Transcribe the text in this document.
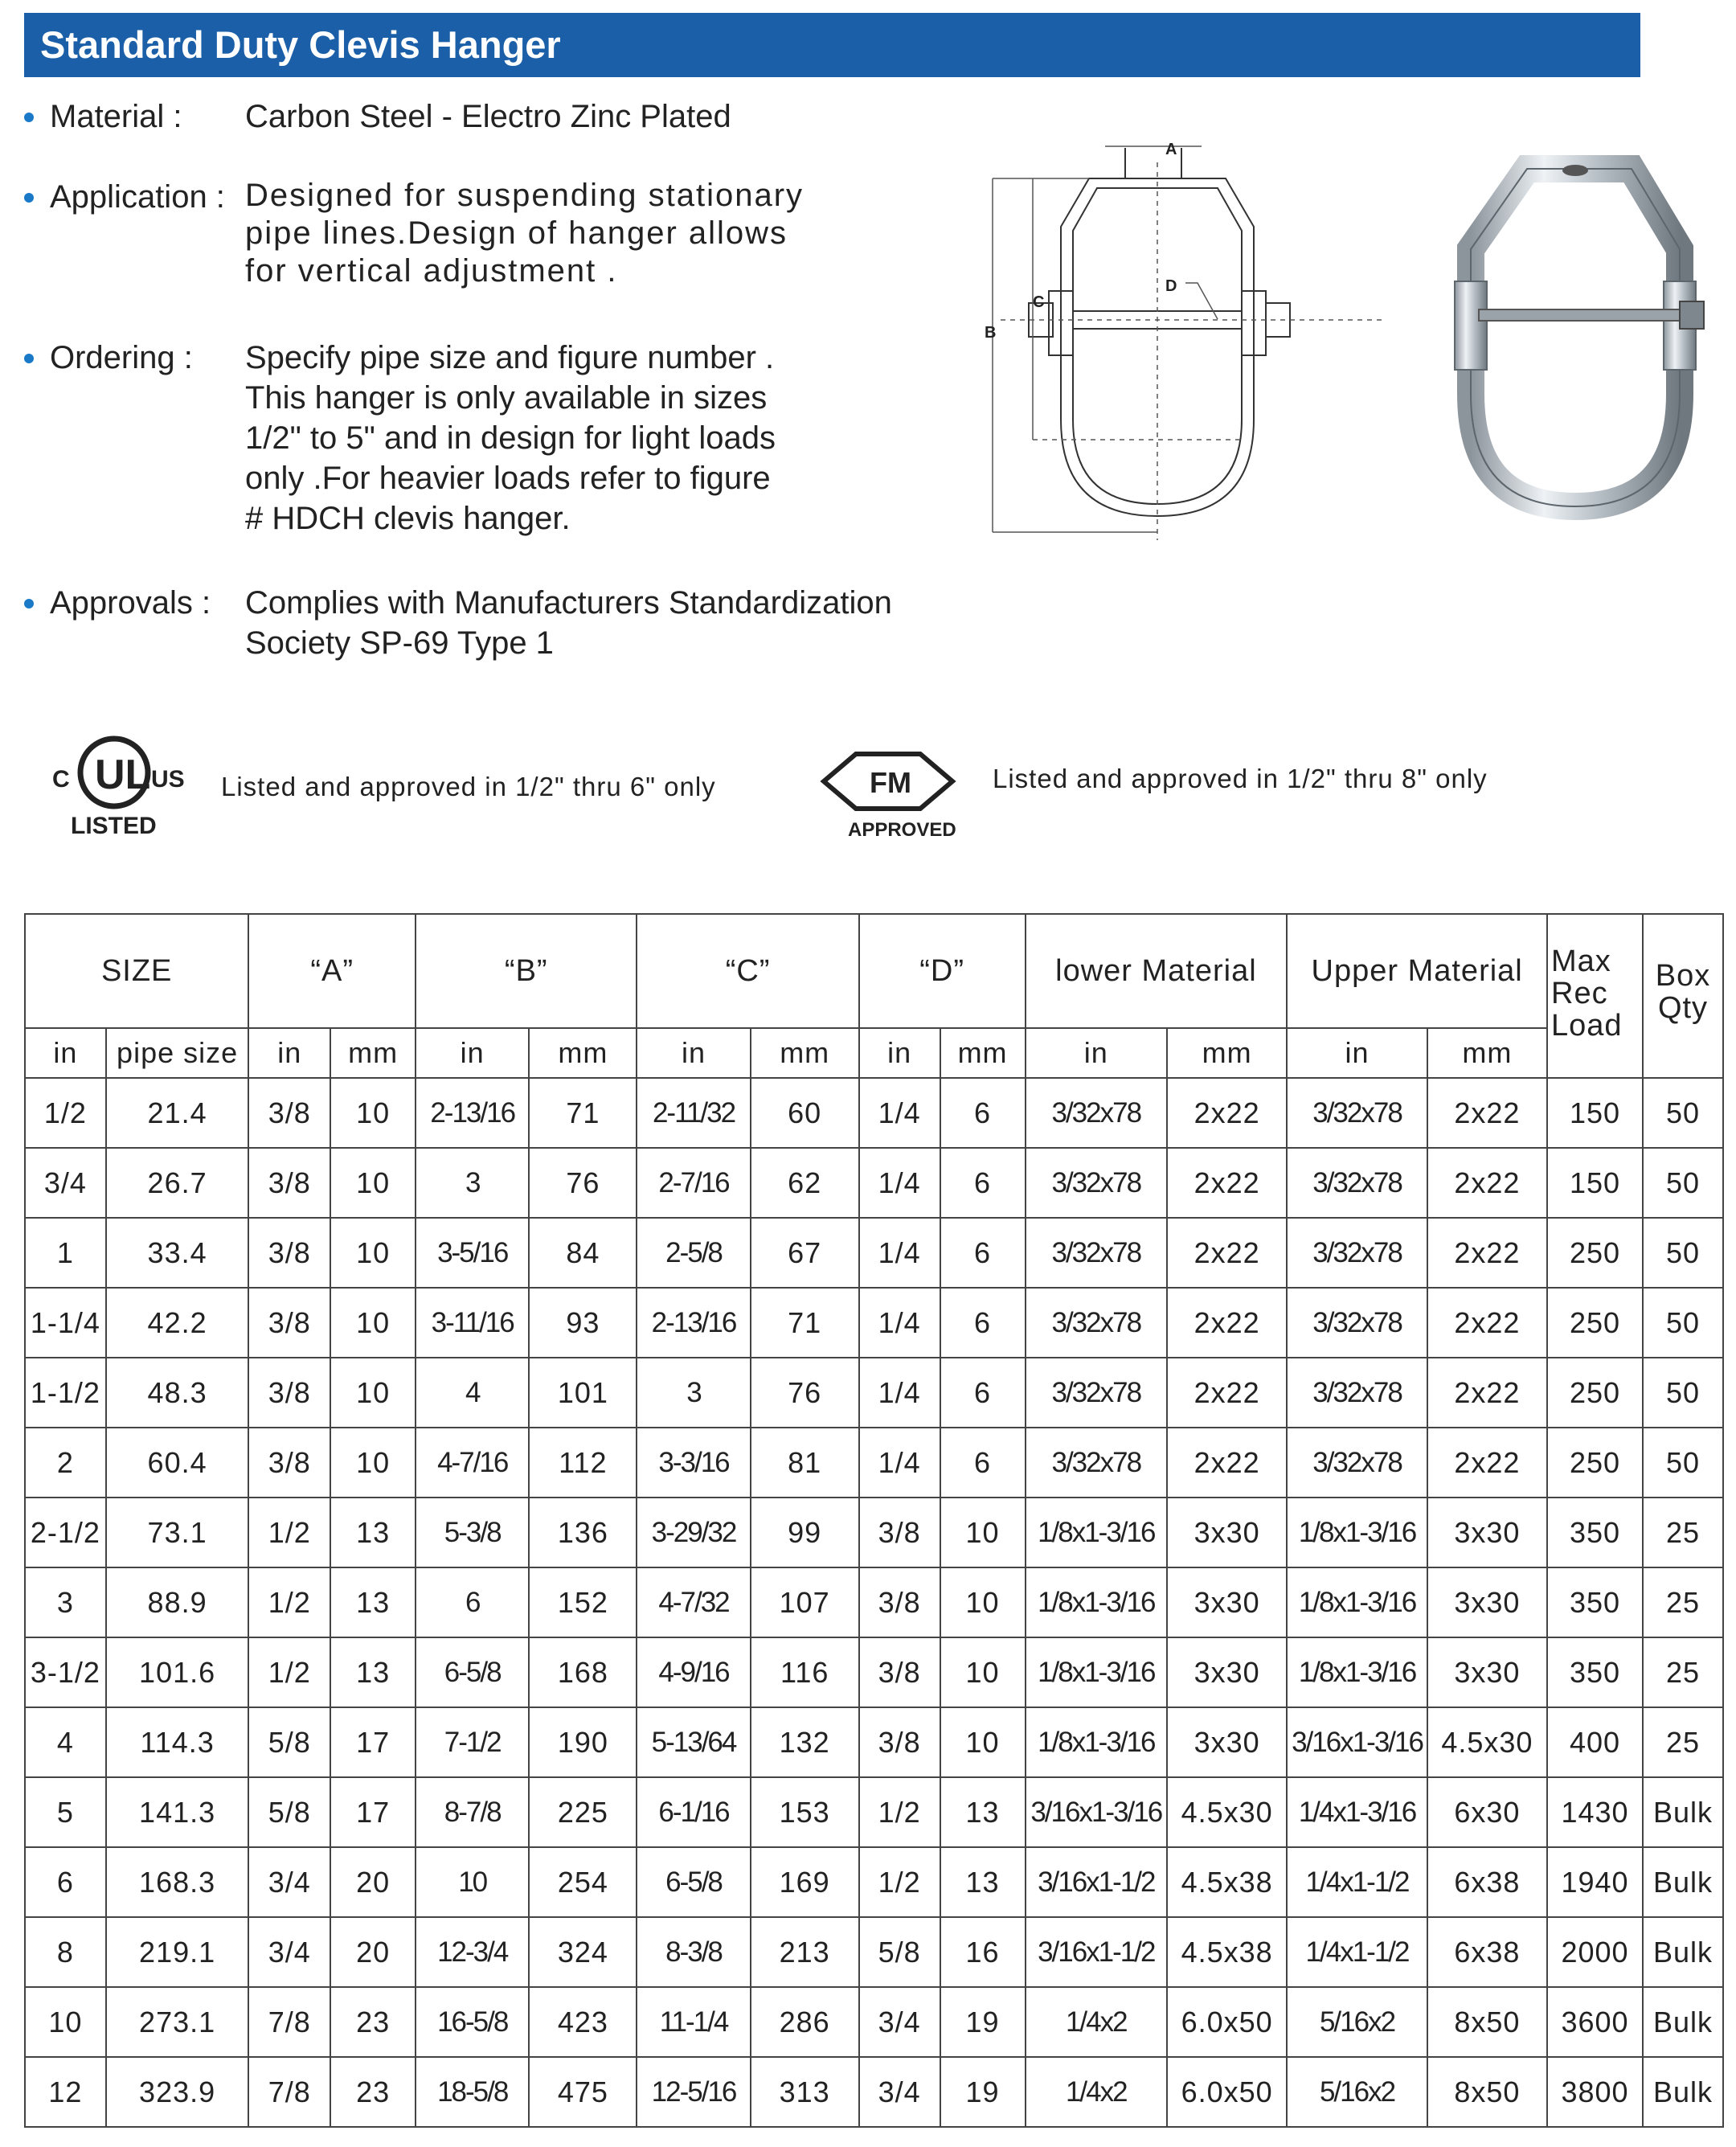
Standard Duty Clevis Hanger
Material : Carbon Steel - Electro Zinc Plated
Application : Designed for suspending stationary
pipe lines.Design of hanger allows
for vertical adjustment .
Ordering : Specify pipe size and figure number .
This hanger is only available in sizes
1/2" to 5" and in design for light loads
only .For heavier loads refer to figure
# HDCH clevis hanger.
Approvals : Complies with Manufacturers Standardization
Society SP-69 Type 1
A
B
C
D
UL
C	US
LISTED
Listed and approved in 1/2" thru 6" only	FM
APPROVED
Listed and approved in 1/2" thru 8" only
SIZE		“A”		“B”		“C”		“D”		lower Material		Upper Material		Max
Rec
Load	Box
Qty
in	pipe size	in	mm	in	mm	in	mm	in	mm	in	mm	in	mm		
1/2	21.4	3/8	10	2-13/16	71	2-11/32	60	1/4	6	3/32x78	2x22	3/32x78	2x22	150	50
3/4	26.7	3/8	10	3	76	2-7/16	62	1/4	6	3/32x78	2x22	3/32x78	2x22	150	50
1	33.4	3/8	10	3-5/16	84	2-5/8	67	1/4	6	3/32x78	2x22	3/32x78	2x22	250	50
1-1/4	42.2	3/8	10	3-11/16	93	2-13/16	71	1/4	6	3/32x78	2x22	3/32x78	2x22	250	50
1-1/2	48.3	3/8	10	4	101	3	76	1/4	6	3/32x78	2x22	3/32x78	2x22	250	50
2	60.4	3/8	10	4-7/16	112	3-3/16	81	1/4	6	3/32x78	2x22	3/32x78	2x22	250	50
2-1/2	73.1	1/2	13	5-3/8	136	3-29/32	99	3/8	10	1/8x1-3/16	3x30	1/8x1-3/16	3x30	350	25
3	88.9	1/2	13	6	152	4-7/32	107	3/8	10	1/8x1-3/16	3x30	1/8x1-3/16	3x30	350	25
3-1/2	101.6	1/2	13	6-5/8	168	4-9/16	116	3/8	10	1/8x1-3/16	3x30	1/8x1-3/16	3x30	350	25
4	114.3	5/8	17	7-1/2	190	5-13/64	132	3/8	10	1/8x1-3/16	3x30	3/16x1-3/16	4.5x30	400	25
5	141.3	5/8	17	8-7/8	225	6-1/16	153	1/2	13	3/16x1-3/16	4.5x30	1/4x1-3/16	6x30	1430	Bulk
6	168.3	3/4	20	10	254	6-5/8	169	1/2	13	3/16x1-1/2	4.5x38	1/4x1-1/2	6x38	1940	Bulk
8	219.1	3/4	20	12-3/4	324	8-3/8	213	5/8	16	3/16x1-1/2	4.5x38	1/4x1-1/2	6x38	2000	Bulk
10	273.1	7/8	23	16-5/8	423	11-1/4	286	3/4	19	1/4x2	6.0x50	5/16x2	8x50	3600	Bulk
12	323.9	7/8	23	18-5/8	475	12-5/16	313	3/4	19	1/4x2	6.0x50	5/16x2	8x50	3800	Bulk
